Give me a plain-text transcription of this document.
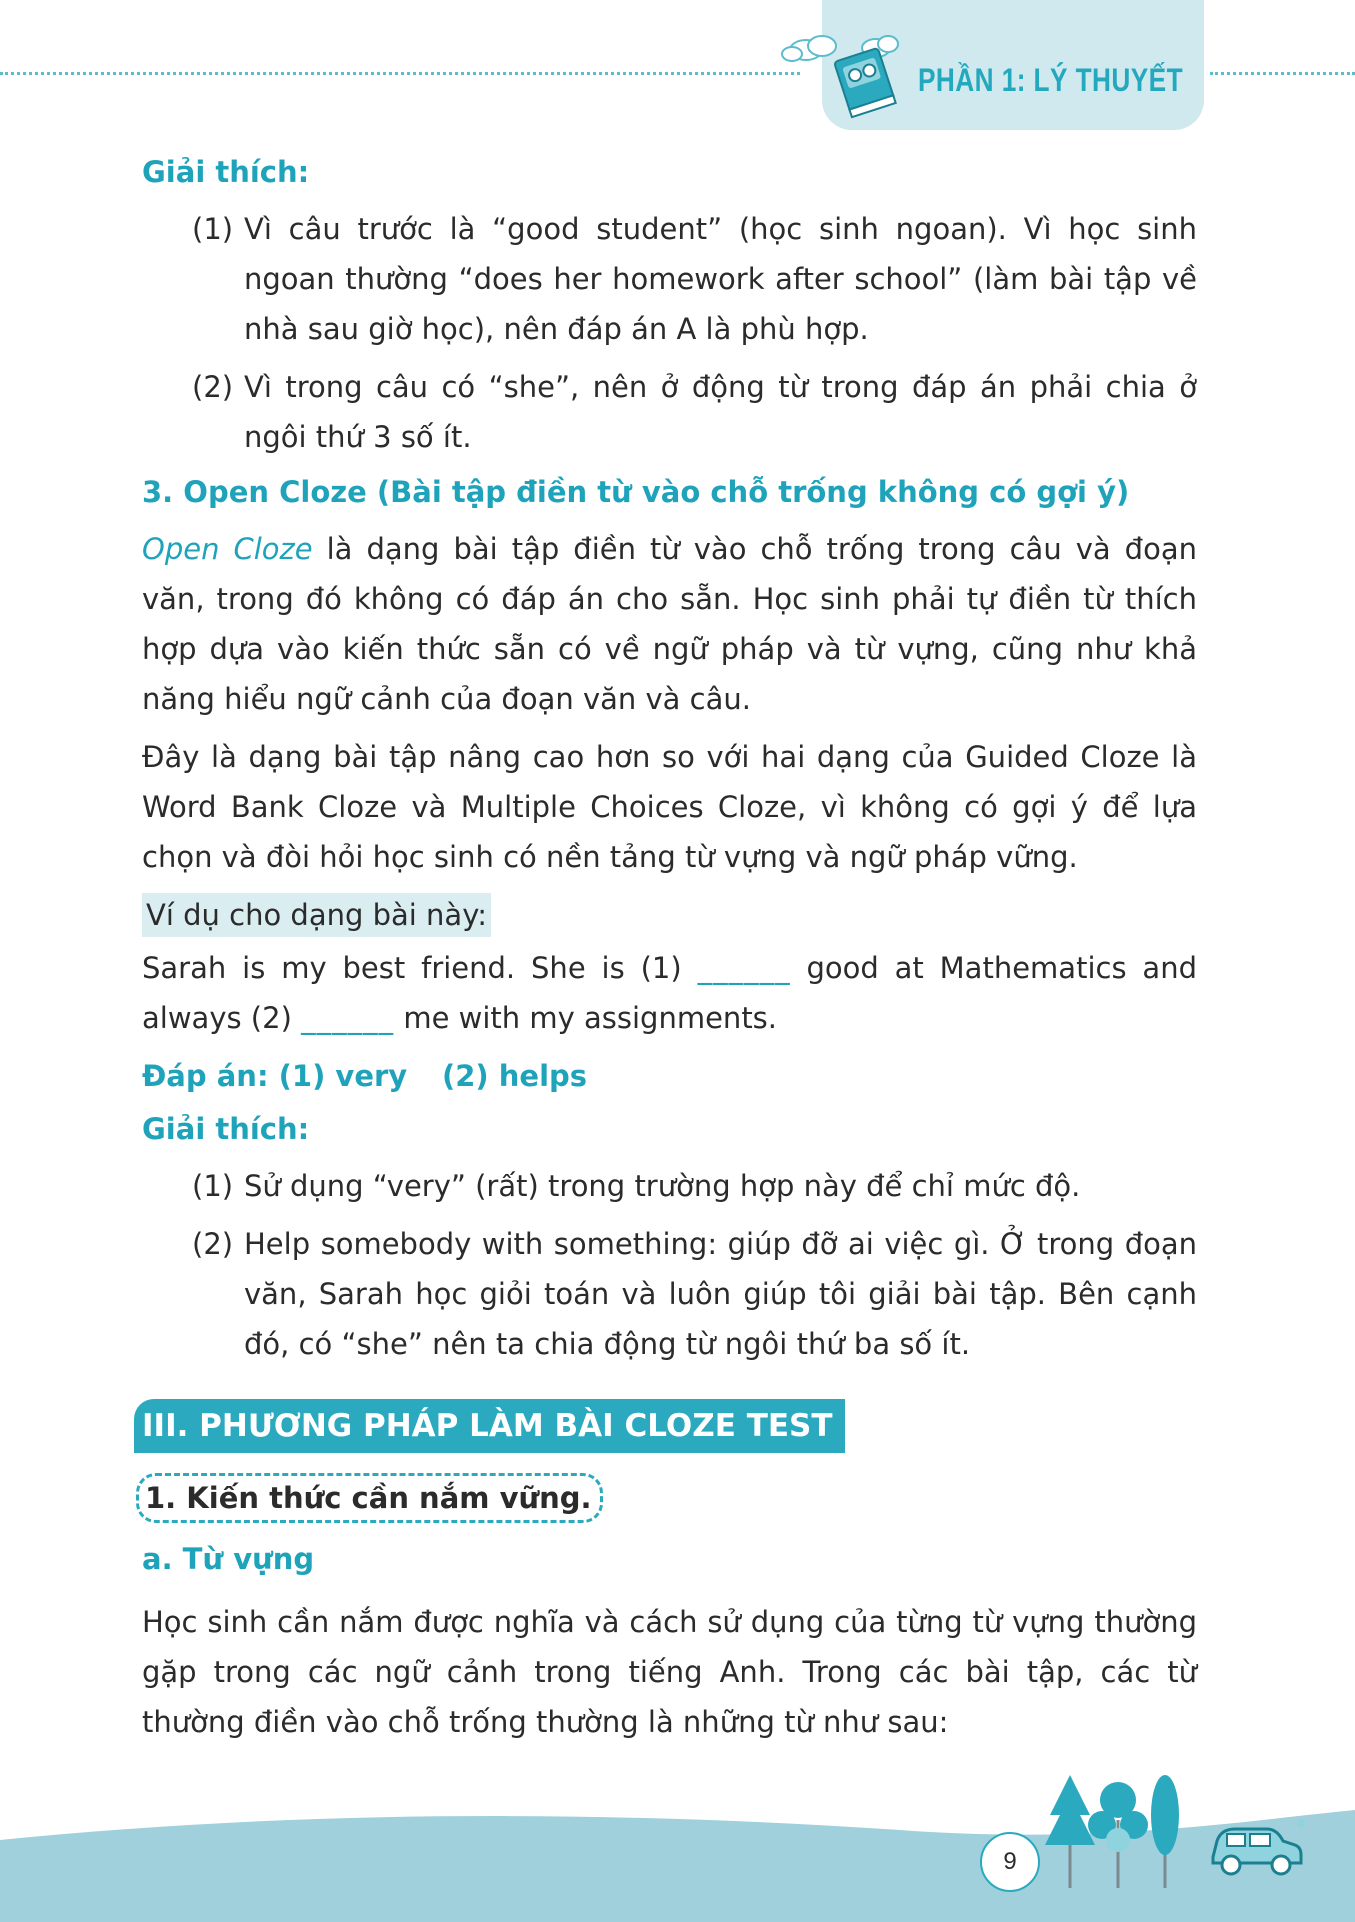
PHẦN 1: LÝ THUYẾT
Giải thích:
(1) Vì câu trước là “good student” (học sinh ngoan). Vì học sinh ngoan thường “does her homework after school” (làm bài tập về nhà sau giờ học), nên đáp án A là phù hợp.
(2) Vì trong câu có “she”, nên ở động từ trong đáp án phải chia ở ngôi thứ 3 số ít.
3. Open Cloze (Bài tập điền từ vào chỗ trống không có gợi ý)

Open Cloze là dạng bài tập điền từ vào chỗ trống trong câu và đoạn văn, trong đó không có đáp án cho sẵn. Học sinh phải tự điền từ thích hợp dựa vào kiến thức sẵn có về ngữ pháp và từ vựng, cũng như khả năng hiểu ngữ cảnh của đoạn văn và câu.

Đây là dạng bài tập nâng cao hơn so với hai dạng của Guided Cloze là Word Bank Cloze và Multiple Choices Cloze, vì không có gợi ý để lựa chọn và đòi hỏi học sinh có nền tảng từ vựng và ngữ pháp vững.

Ví dụ cho dạng bài này:

Sarah is my best friend. She is (1) ______ good at Mathematics and always (2) ______ me with my assignments.

Đáp án: (1) very	(2) helps
Giải thích:
(1) Sử dụng “very” (rất) trong trường hợp này để chỉ mức độ.
(2) Help somebody with something: giúp đỡ ai việc gì. Ở trong đoạn văn, Sarah học giỏi toán và luôn giúp tôi giải bài tập. Bên cạnh đó, có “she” nên ta chia động từ ngôi thứ ba số ít.
III. PHƯƠNG PHÁP LÀM BÀI CLOZE TEST
1. Kiến thức cần nắm vững.
a. Từ vựng

Học sinh cần nắm được nghĩa và cách sử dụng của từng từ vựng thường gặp trong các ngữ cảnh trong tiếng Anh. Trong các bài tập, các từ thường điền vào chỗ trống thường là những từ như sau:

9
